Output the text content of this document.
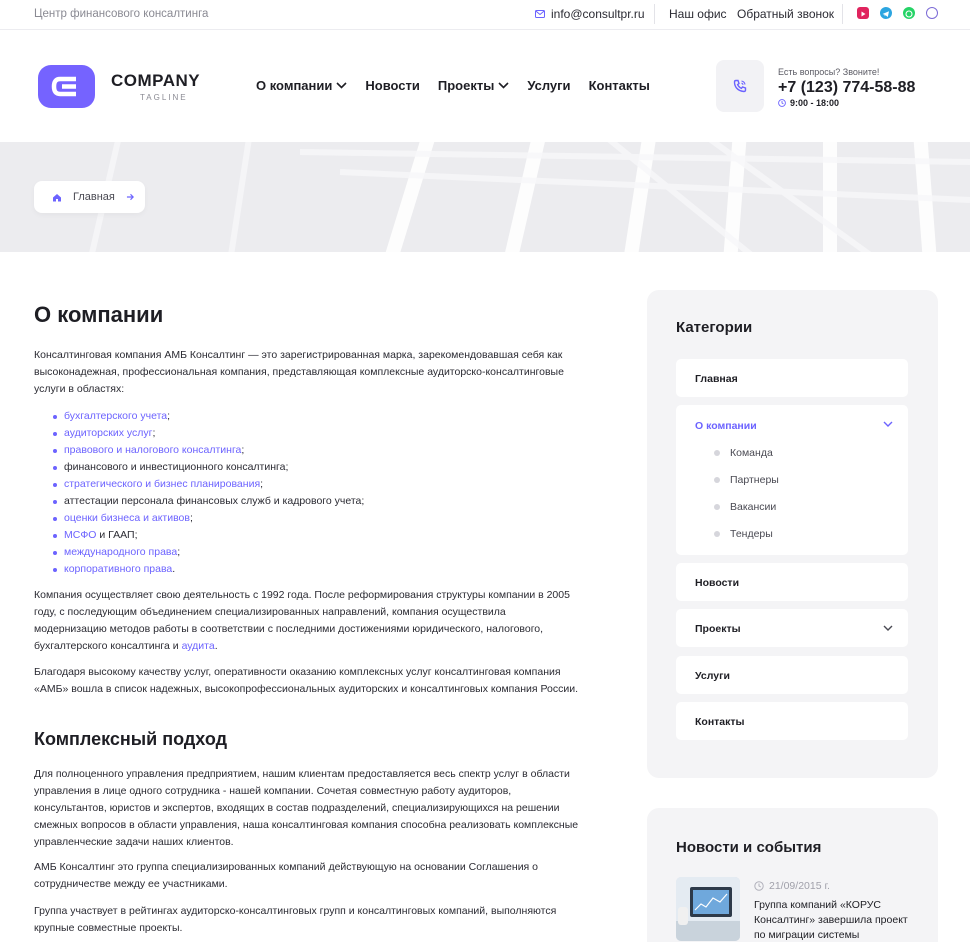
Центр финансового консалтинга	info@consultpr.ru Наш офис Обратный звонок
COMPANY
TAGLINE
О компании	Новости Проекты	Услуги Контакты
Есть вопросы? Звоните!
+7 (123) 774-58-88
9:00 - 18:00
Главная
О компании

Консалтинговая компания АМБ Консалтинг — это зарегистрированная марка, зарекомендовавшая себя как высоконадежная, профессиональная компания, представляющая комплексные аудиторско-консалтинговые услуги в областях:

бухгалтерского учета;
аудиторских услуг;
правового и налогового консалтинга;
финансового и инвестиционного консалтинга;
стратегического и бизнес планирования;
аттестации персонала финансовых служб и кадрового учета;
оценки бизнеса и активов;
МСФО и ГААП;
международного права;
корпоративного права.

Компания осуществляет свою деятельность с 1992 года. После реформирования структуры компании в 2005 году, с последующим объединением специализированных направлений, компания осуществила модернизацию методов работы в соответствии с последними достижениями юридического, налогового, бухгалтерского консалтинга и аудита.

Благодаря высокому качеству услуг, оперативности оказанию комплексных услуг консалтинговая компания «АМБ» вошла в список надежных, высокопрофессиональных аудиторских и консалтинговых компания России.

Комплексный подход

Для полноценного управления предприятием, нашим клиентам предоставляется весь спектр услуг в области управления в лице одного сотрудника - нашей компании. Сочетая совместную работу аудиторов, консультантов, юристов и экспертов, входящих в состав подразделений, специализирующихся на решении смежных вопросов в области управления, наша консалтинговая компания способна реализовать комплексные управленческие задачи наших клиентов.

АМБ Консалтинг это группа специализированных компаний действующую на основании Соглашения о сотрудничестве между ее участниками.

Группа участвует в рейтингах аудиторско-консалтинговых групп и консалтинговых компаний, выполняются крупные совместные проекты.

Категории
Главная
О компании
Команда
Партнеры
Вакансии
Тендеры
Новости
Проекты
Услуги
Контакты
Новости и события
21/09/2015 г.
Группа компаний «КОРУС Консалтинг» завершила проект по миграции системы
